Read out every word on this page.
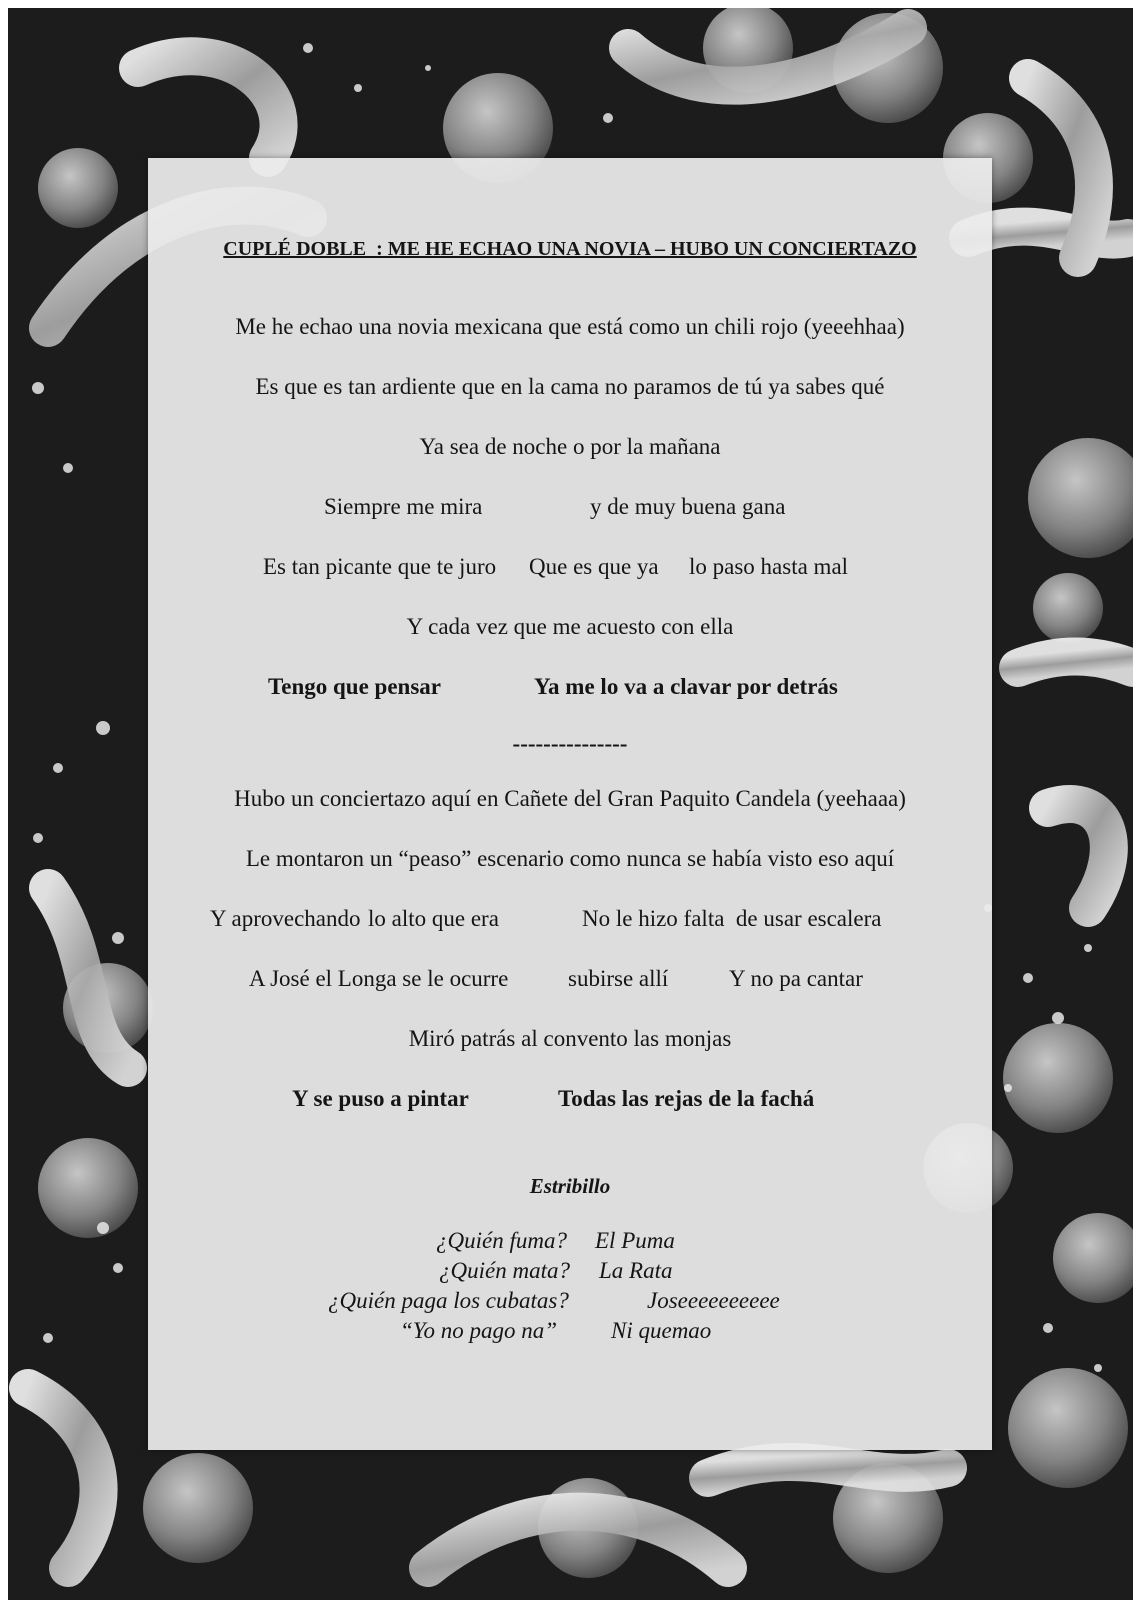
CUPLÉ DOBLE  : ME HE ECHAO UNA NOVIA – HUBO UN CONCIERTAZO
Me he echao una novia mexicana que está como un chili rojo (yeeehhaa)
Es que es tan ardiente que en la cama no paramos de tú ya sabes qué
Ya sea de noche o por la mañana
Siempre me mira	y de muy buena gana
Es tan picante que te juro Que es que ya lo paso hasta mal
Y cada vez que me acuesto con ella
Tengo que pensar	Ya me lo va a clavar por detrás
---------------
Hubo un conciertazo aquí en Cañete del Gran Paquito Candela (yeehaaa)
Le montaron un “peaso” escenario como nunca se había visto eso aquí
Y aprovechando lo alto que era	No le hizo falta  de usar escalera
A José el Longa se le ocurre	subirse allí	Y no pa cantar
Miró patrás al convento las monjas
Y se puso a pintar	Todas las rejas de la fachá
Estribillo
¿Quién fuma? El Puma
¿Quién mata? La Rata
¿Quién paga los cubatas?	Joseeeeeeeeee
“Yo no pago na” Ni quemao
